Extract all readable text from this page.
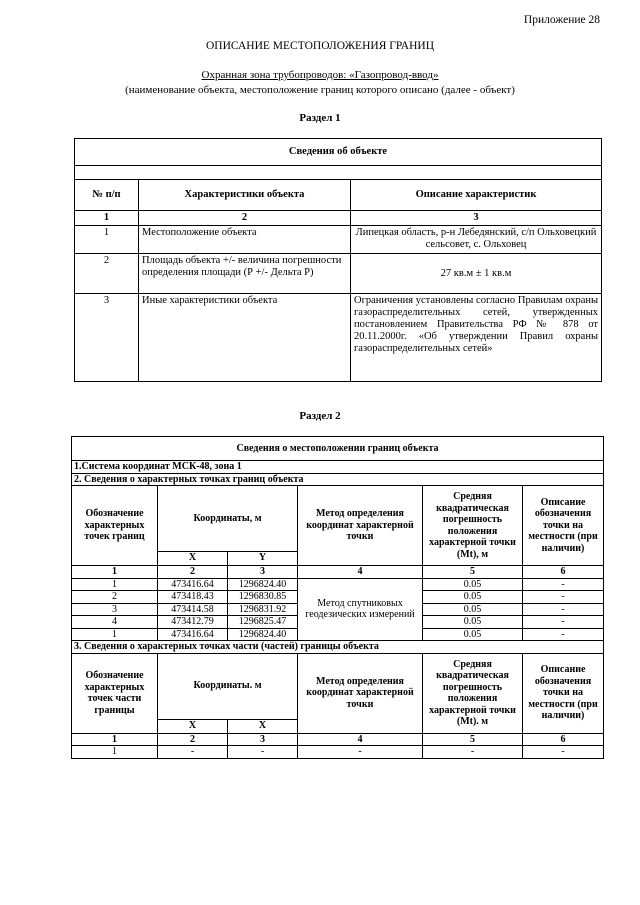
Приложение 28
ОПИСАНИЕ МЕСТОПОЛОЖЕНИЯ ГРАНИЦ
Охранная зона трубопроводов: «Газопровод-ввод»
(наименование объекта, местоположение границ которого описано (далее - объект)
Раздел 1
Сведения об объекте		

№ п/п	Характеристики объекта	Описание характеристик
1	2	3
1	Местоположение объекта	Липецкая область, р-н Лебедянский, с/п Ольховецкий сельсовет, с. Ольховец
2	Площадь объекта +/- величина погрешности определения площади (Р +/- Дельта Р)	27 кв.м ± 1 кв.м
3	Иные характеристики объекта	Ограничения установлены согласно Правилам охраны газораспределительных сетей, утвержденных постановлением Правительства РФ № 878 от 20.11.2000г. «Об утверждении Правил охраны газораспределительных сетей»
Раздел 2
Сведения о местоположении границ объекта					
1.Система координат МСК-48, зона 1					
2. Сведения о характерных точках границ объекта					
Обозначение характерных точек границ	Координаты, м		Метод определения координат характерной точки	Средняя квадратическая погрешность положения характерной точки (Mt), м	Описание обозначения точки на местности (при наличии)
	X	Y			
1	2	3	4	5	6
1	473416.64	1296824.40	Метод спутниковых геодезических измерений	0.05	-
2	473418.43	1296830.85		0.05	-
3	473414.58	1296831.92		0.05	-
4	473412.79	1296825.47		0.05	-
1	473416.64	1296824.40		0.05	-
3. Сведения о характерных точках части (частей) границы объекта					
Обозначение характерных точек части границы	Координаты. м		Метод определения координат характерной точки	Средняя квадратическая погрешность положения характерной точки (Mt). м	Описание обозначения точки на местности (при наличии)
	X	X			
1	2	3	4	5	6
1	-	-	-	-	-
